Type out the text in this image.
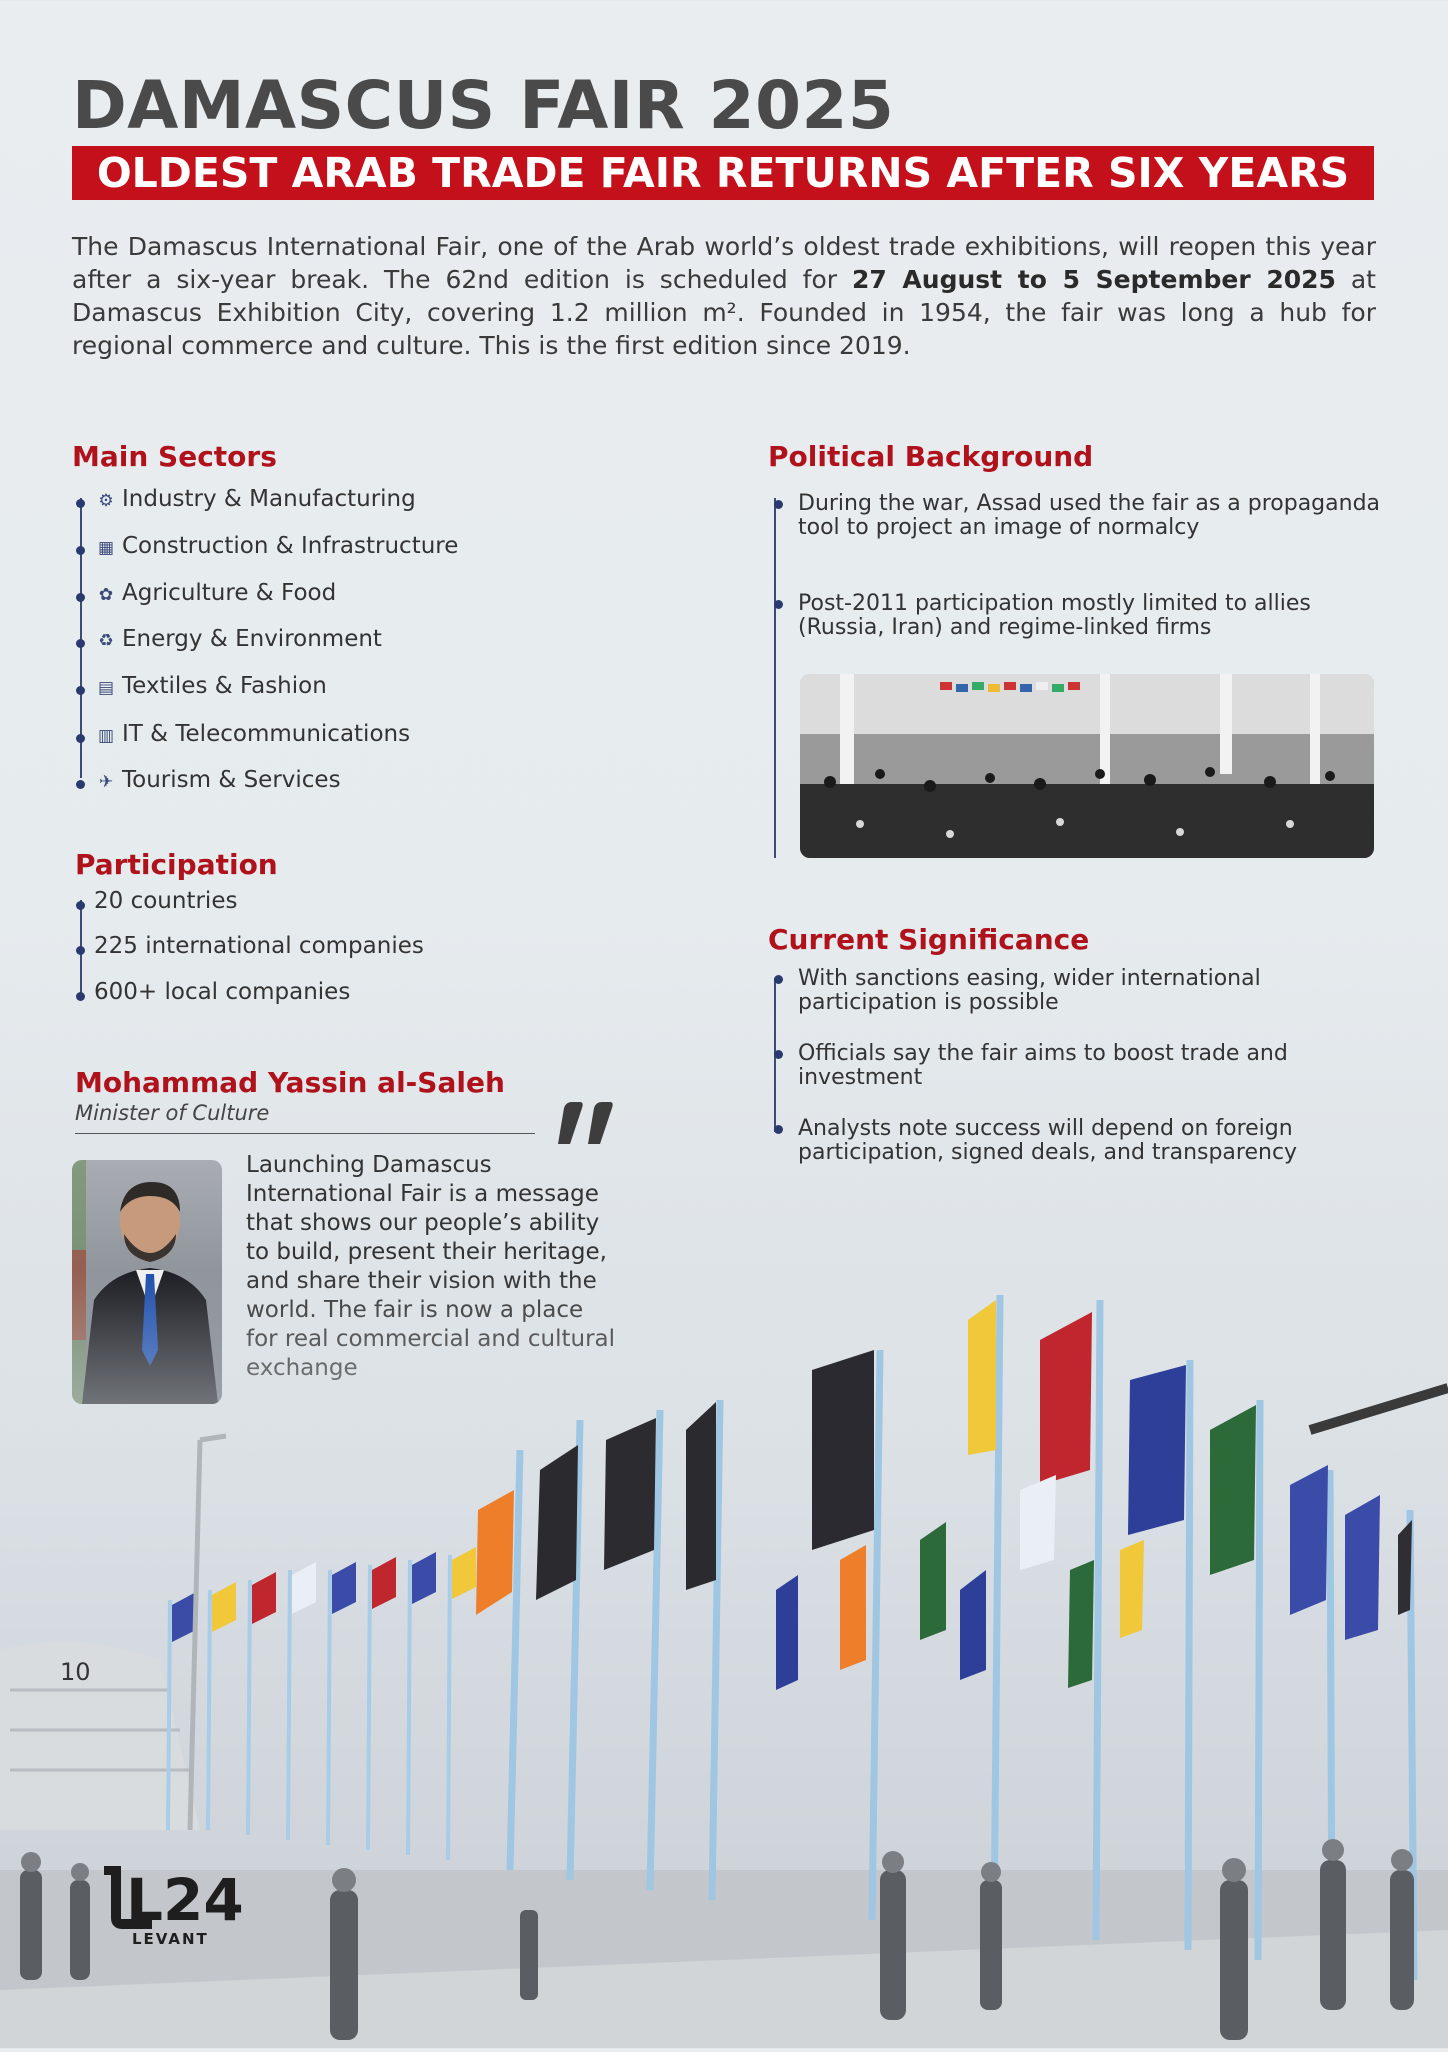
DAMASCUS FAIR 2025
OLDEST ARAB TRADE FAIR RETURNS AFTER SIX YEARS
The Damascus International Fair, one of the Arab world’s oldest trade exhibitions, will reopen this year after a six-year break. The 62nd edition is scheduled for 27 August to 5 September 2025 at Damascus Exhibition City, covering 1.2 million m². Founded in 1954, the fair was long a hub for regional commerce and culture. This is the first edition since 2019.
Main Sectors
⚙ Industry & Manufacturing
▦ Construction & Infrastructure
✿ Agriculture & Food
♻ Energy & Environment
▤ Textiles & Fashion
▥ IT & Telecommunications
✈ Tourism & Services
Participation
20 countries
225 international companies
600+ local companies
Mohammad Yassin al-Saleh
Minister of Culture
Launching Damascus International Fair is a message that shows our people’s ability to build, present their heritage,
Political Background
During the war, Assad used the fair as a propaganda tool to project an image of normalcy
Post-2011 participation mostly limited to allies (Russia, Iran) and regime-linked firms
Current Significance
With sanctions easing, wider international participation is possible
Officials say the fair aims to boost trade and investment
Analysts note success will depend on foreign participation, signed deals, and transparency
10
L24
LEVANT
